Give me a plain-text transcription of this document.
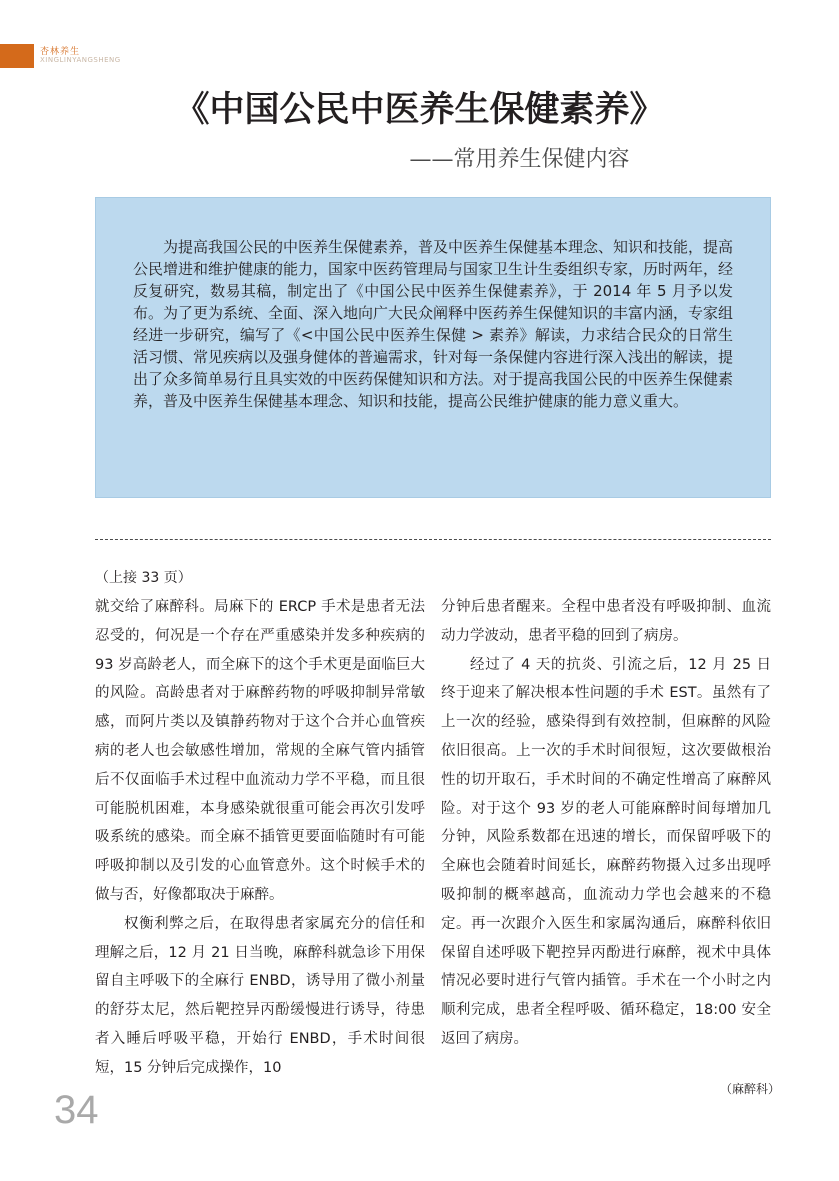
杏林养生
XINGLINYANGSHENG
《中国公民中医养生保健素养》
——常用养生保健内容

为提高我国公民的中医养生保健素养，普及中医养生保健基本理念、知识和技能，提高公民增进和维护健康的能力，国家中医药管理局与国家卫生计生委组织专家，历时两年，经反复研究，数易其稿，制定出了《中国公民中医养生保健素养》，于 2014 年 5 月予以发布。为了更为系统、全面、深入地向广大民众阐释中医药养生保健知识的丰富内涵，专家组经进一步研究，编写了《<中国公民中医养生保健 > 素养》解读，力求结合民众的日常生活习惯、常见疾病以及强身健体的普遍需求，针对每一条保健内容进行深入浅出的解读，提出了众多简单易行且具实效的中医药保健知识和方法。对于提高我国公民的中医养生保健素养，普及中医养生保健基本理念、知识和技能，提高公民维护健康的能力意义重大。

（上接 33 页）

就交给了麻醉科。局麻下的 ERCP 手术是患者无法忍受的，何况是一个存在严重感染并发多种疾病的 93 岁高龄老人，而全麻下的这个手术更是面临巨大的风险。高龄患者对于麻醉药物的呼吸抑制异常敏感，而阿片类以及镇静药物对于这个合并心血管疾病的老人也会敏感性增加，常规的全麻气管内插管后不仅面临手术过程中血流动力学不平稳，而且很可能脱机困难，本身感染就很重可能会再次引发呼吸系统的感染。而全麻不插管更要面临随时有可能呼吸抑制以及引发的心血管意外。这个时候手术的做与否，好像都取决于麻醉。

权衡利弊之后，在取得患者家属充分的信任和理解之后，12 月 21 日当晚，麻醉科就急诊下用保留自主呼吸下的全麻行 ENBD，诱导用了微小剂量的舒芬太尼，然后靶控异丙酚缓慢进行诱导，待患者入睡后呼吸平稳，开始行 ENBD，手术时间很短，15 分钟后完成操作，10

分钟后患者醒来。全程中患者没有呼吸抑制、血流动力学波动，患者平稳的回到了病房。

经过了 4 天的抗炎、引流之后，12 月 25 日终于迎来了解决根本性问题的手术 EST。虽然有了上一次的经验，感染得到有效控制，但麻醉的风险依旧很高。上一次的手术时间很短，这次要做根治性的切开取石，手术时间的不确定性增高了麻醉风险。对于这个 93 岁的老人可能麻醉时间每增加几分钟，风险系数都在迅速的增长，而保留呼吸下的全麻也会随着时间延长，麻醉药物摄入过多出现呼吸抑制的概率越高，血流动力学也会越来的不稳定。再一次跟介入医生和家属沟通后，麻醉科依旧保留自述呼吸下靶控异丙酚进行麻醉，视术中具体情况必要时进行气管内插管。手术在一个小时之内顺利完成，患者全程呼吸、循环稳定，18:00 安全返回了病房。

（麻醉科）
34
